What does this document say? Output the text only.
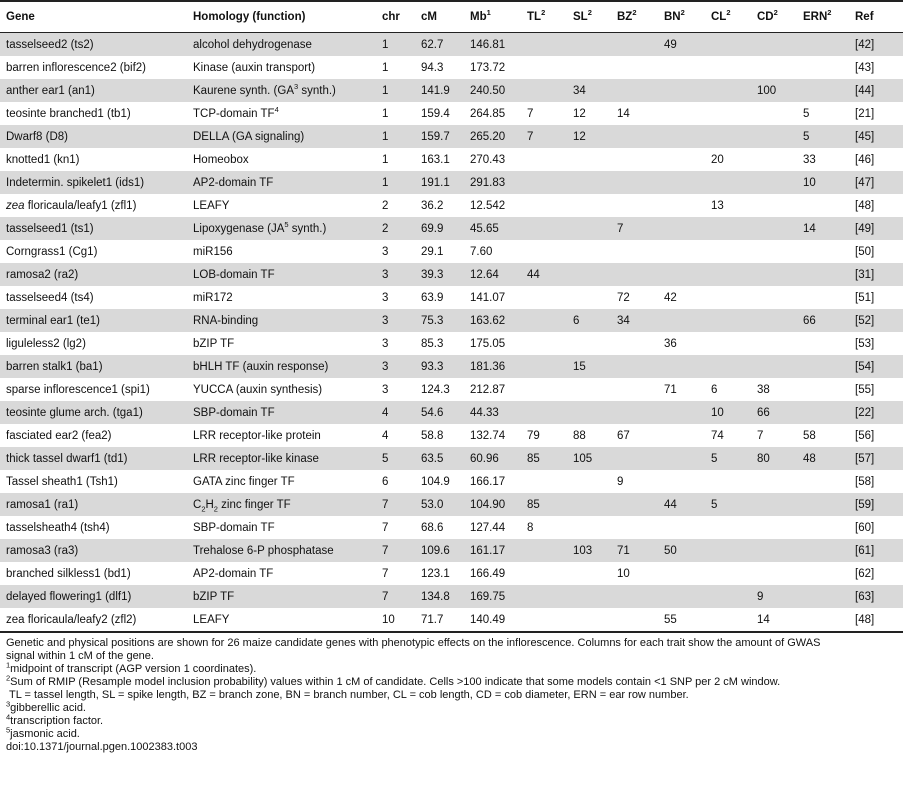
Gene	Homology (function)	chr	cM	Mb$^1$	$TL^2$	$SL^2$	$BZ^2$	$BN^2$	$CL^2$	$CD^2$	ERN$^2$	Ref
tasselseed2 (ts2)	alcohol dehydrogenase	1	62.7	146.81				49				[42]
barren inflorescence2 (bif2)	Kinase (auxin transport)	1	94.3	173.72								[43]
anther ear1 (an1)	Kaurene synth. ($GA^3$ synth.)	1	141.9	240.50		34				100		[44]
teosinte branched1 (tb1)	TCP-domain $TF^4$	1	159.4	264.85	7	12	14				5	[21]
Dwarf8 (D8)	DELLA (GA signaling)	1	159.7	265.20	7	12					5	[45]
knotted1 (kn1)	Homeobox	1	163.1	270.43					20		33	[46]
Indetermin. spikelet1 (ids1)	AP2-domain TF	1	191.1	291.83							10	[47]
zea floricaula/leafy1 (zfl1)	LEAFY	2	36.2	12.542					13			[48]
tasselseed1 (ts1)	Lipoxygenase ($JA^5$ synth.)	2	69.9	45.65			7				14	[49]
Corngrass1 (Cg1)	miR156	3	29.1	7.60								[50]
ramosa2 (ra2)	LOB-domain TF	3	39.3	12.64	44							[31]
tasselseed4 (ts4)	miR172	3	63.9	141.07			72	42				[51]
terminal ear1 (te1)	RNA-binding	3	75.3	163.62		6	34				66	[52]
liguleless2 (lg2)	bZIP TF	3	85.3	175.05				36				[53]
barren stalk1 (ba1)	bHLH TF (auxin response)	3	93.3	181.36		15						[54]
sparse inflorescence1 (spi1)	YUCCA (auxin synthesis)	3	124.3	212.87				71	6	38		[55]
teosinte glume arch. (tga1)	SBP-domain TF	4	54.6	44.33					10	66		[22]
fasciated ear2 (fea2)	LRR receptor-like protein	4	58.8	132.74	79	88	67		74	7	58	[56]
thick tassel dwarf1 (td1)	LRR receptor-like kinase	5	63.5	60.96	85	105			5	80	48	[57]
Tassel sheath1 (Tsh1)	GATA zinc finger TF	6	104.9	166.17			9					[58]
ramosa1 (ra1)	$C_2H_2$ zinc finger TF	7	53.0	104.90	85			44	5			[59]
tasselsheath4 (tsh4)	SBP-domain TF	7	68.6	127.44	8							[60]
ramosa3 (ra3)	Trehalose 6-P phosphatase	7	109.6	161.17		103	71	50				[61]
branched silkless1 (bd1)	AP2-domain TF	7	123.1	166.49			10					[62]
delayed flowering1 (dlf1)	bZIP TF	7	134.8	169.75						9		[63]
zea floricaula/leafy2 (zfl2)	LEAFY	10	71.7	140.49				55		14		[48]
Genetic and physical positions are shown for 26 maize candidate genes with phenotypic effects on the inflorescence. Columns for each trait show the amount of GWAS
signal within 1 cM of the gene.
$^1$midpoint of transcript (AGP version 1 coordinates).
$^2$Sum of RMIP (Resample model inclusion probability) values within 1 cM of candidate. Cells >100 indicate that some models contain <1 SNP per 2 cM window.
TL = tassel length, SL = spike length, BZ = branch zone, BN = branch number, CL = cob length, CD = cob diameter, ERN = ear row number.
$^3$gibberellic acid.
$^4$transcription factor.
$^5$jasmonic acid.
doi:10.1371/journal.pgen.1002383.t003
